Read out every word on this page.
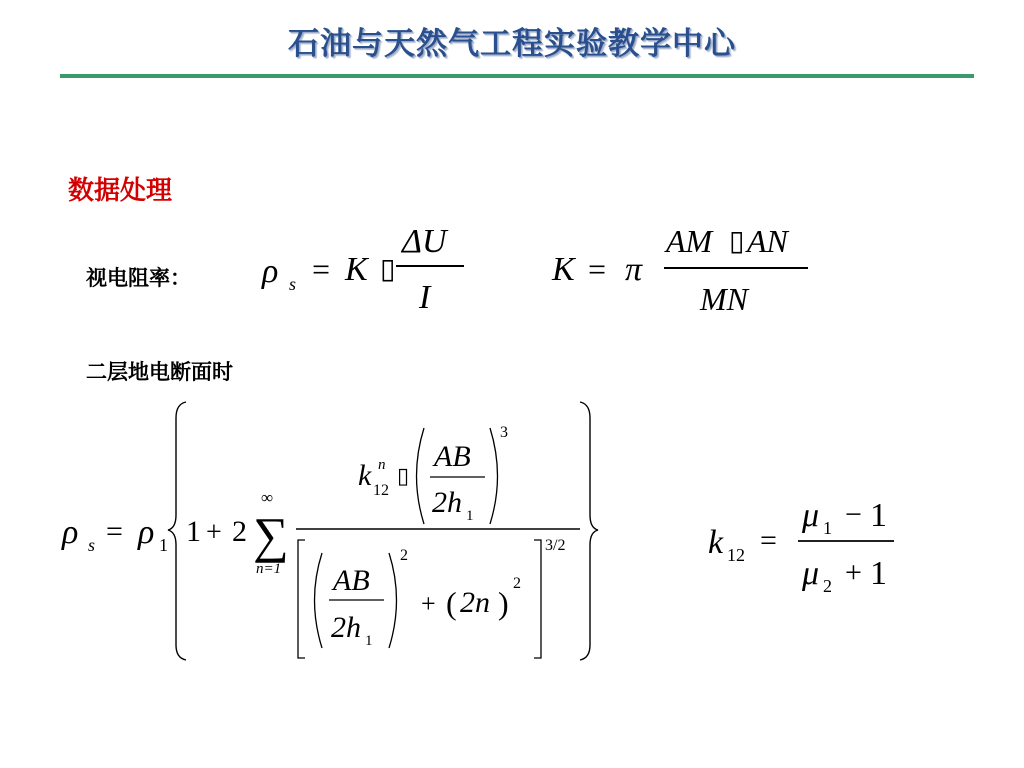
石油与天然气工程实验教学中心
数据处理
视电阻率：
二层地电断面时
ρ s = K ▯
ΔU
I
K = π
AM ▯ AN
MN
ρ s = ρ 1 1 + 2 ∑
∞
n=1
k n
12
▯
AB
2h 1
3
AB
2h 1
2
+ ( 2n )
2
3/2	k 12 =
μ 1 − 1
μ 2 + 1
